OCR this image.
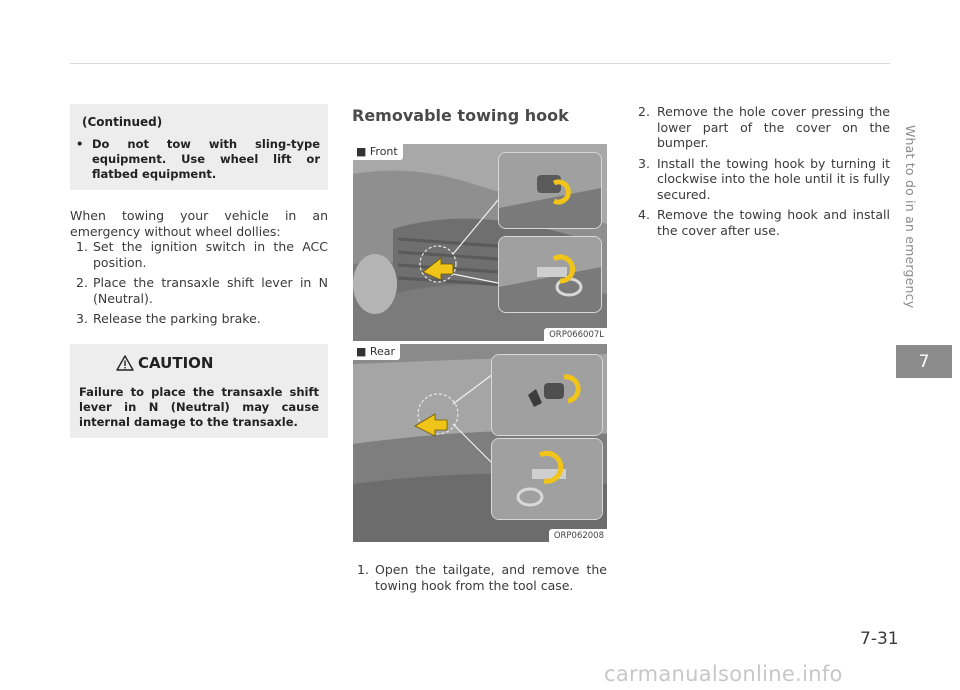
What to do in an emergency
7
(Continued)
• Do not tow with sling-type equipment. Use wheel lift or flatbed equipment.
When towing your vehicle in an emergency without wheel dollies:
1. Set the ignition switch in the ACC position.
2. Place the transaxle shift lever in N (Neutral).
3. Release the parking brake.
CAUTION
Failure to place the transaxle shift lever in N (Neutral) may cause internal damage to the transaxle.
Removable towing hook
■ Front
ORP066007L
■ Rear
ORP062008
1. Open the tailgate, and remove the towing hook from the tool case.
2. Remove the hole cover pressing the lower part of the cover on the bumper.
3. Install the towing hook by turning it clockwise into the hole until it is fully secured.
4. Remove the towing hook and install the cover after use.
7-31
carmanualsonline.info
